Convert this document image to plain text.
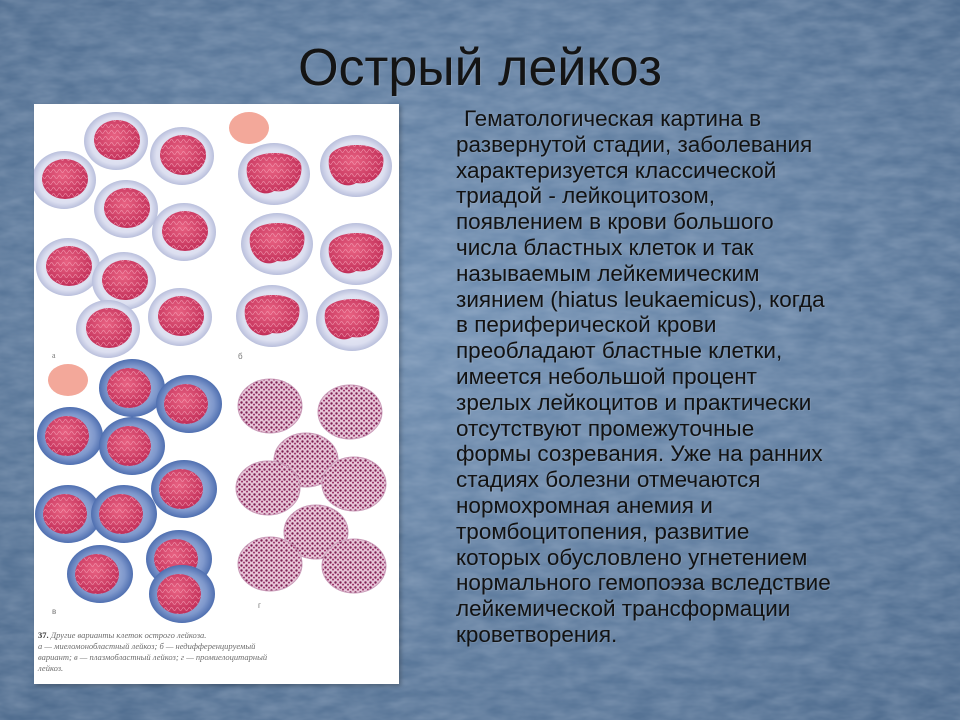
Острый лейкоз
а	б
в
г
37. Другие варианты клеток острого лейкоза.
а — миеломонобластный лейкоз; б — недифференцируемый вариант; в — плазмобластный лейкоз; г — промиелоцитарный лейкоз.
Гематологическая картина в
развернутой стадии, заболевания
характеризуется классической
триадой - лейкоцитозом,
появлением в крови большого
числа бластных клеток и так
называемым лейкемическим
зиянием (hiatus leukaemicus), когда
в периферической крови
преобладают бластные клетки,
имеется небольшой процент
зрелых лейкоцитов и практически
отсутствуют промежуточные
формы созревания. Уже на ранних
стадиях болезни отмечаются
нормохромная анемия и
тромбоцитопения, развитие
которых обусловлено угнетением
нормального гемопоэза вследствие
лейкемической трансформации
кроветворения.
